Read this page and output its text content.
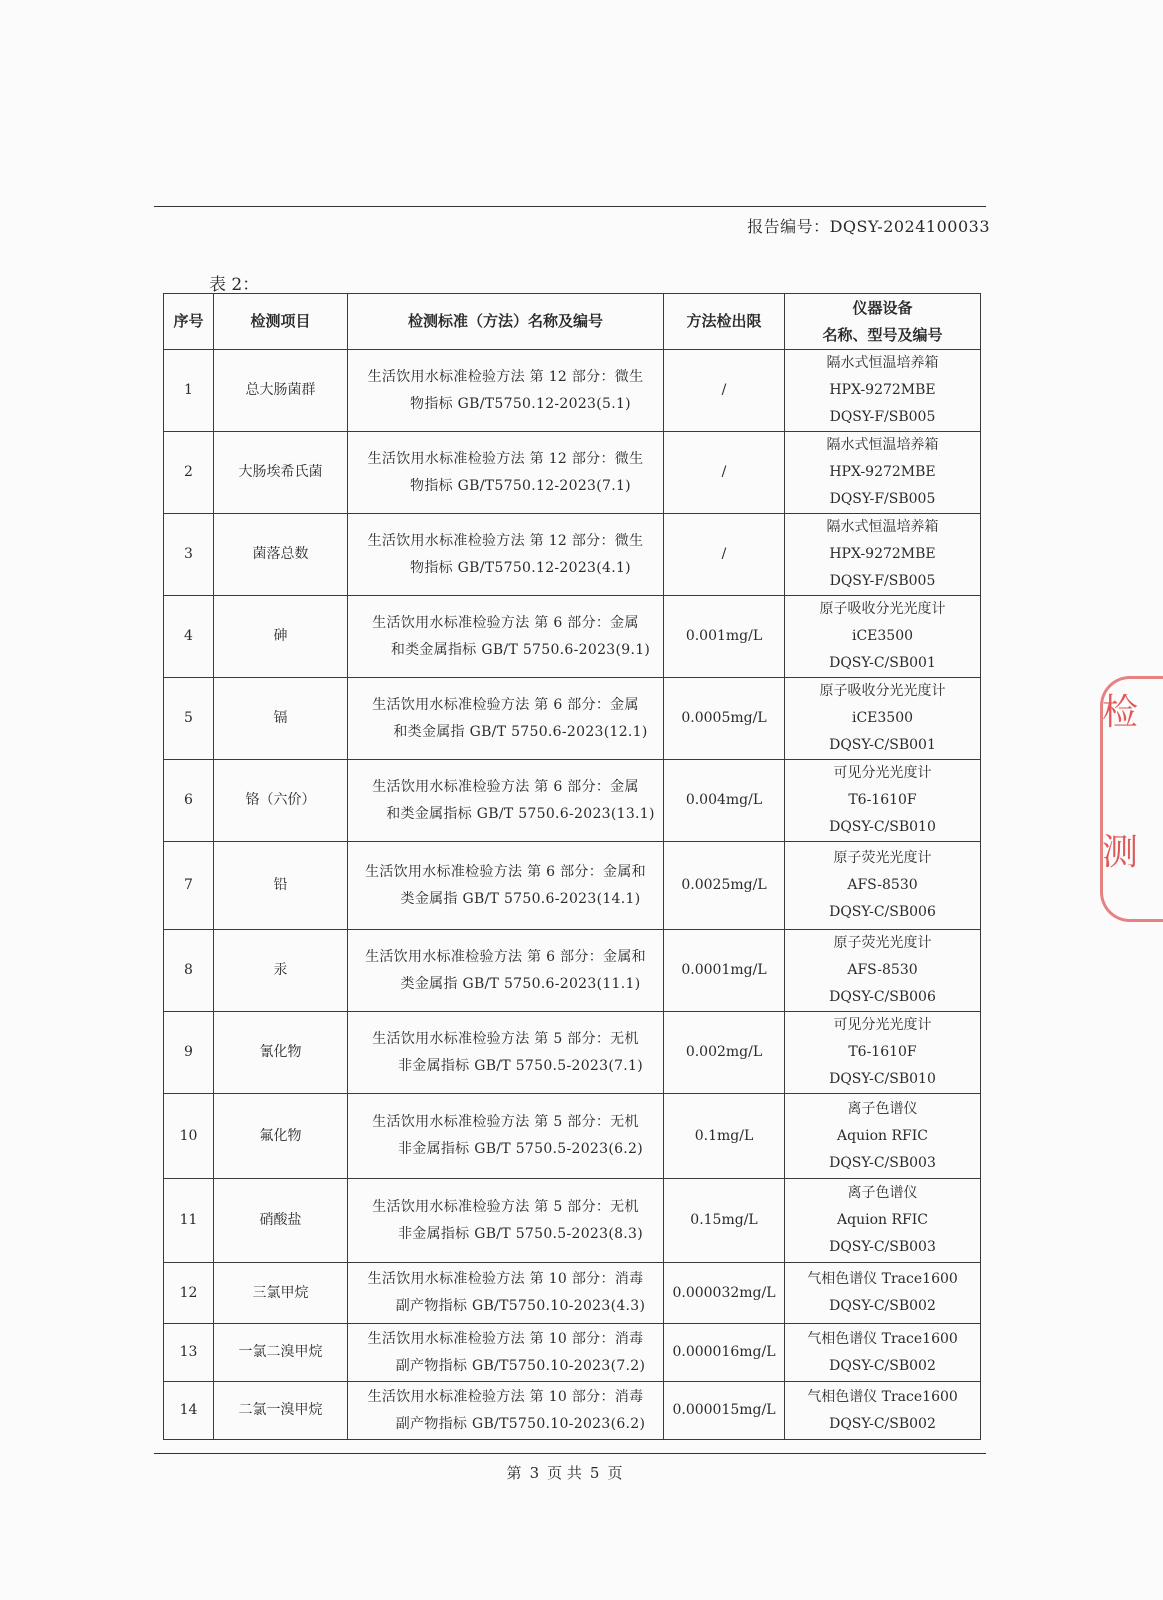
报告编号：DQSY-2024100033
表 2：
序号	检测项目	检测标准（方法）名称及编号	方法检出限	仪器设备
名称、型号及编号

1	总大肠菌群	生活饮用水标准检验方法 第 12 部分：微生
物指标 GB/T5750.12-2023(5.1)	/	隔水式恒温培养箱
HPX-9272MBE
DQSY-F/SB005

2	大肠埃希氏菌	生活饮用水标准检验方法 第 12 部分：微生
物指标 GB/T5750.12-2023(7.1)	/	隔水式恒温培养箱
HPX-9272MBE
DQSY-F/SB005

3	菌落总数	生活饮用水标准检验方法 第 12 部分：微生
物指标 GB/T5750.12-2023(4.1)	/	隔水式恒温培养箱
HPX-9272MBE
DQSY-F/SB005

4	砷	生活饮用水标准检验方法 第 6 部分：金属
和类金属指标 GB/T 5750.6-2023(9.1)	0.001mg/L	原子吸收分光光度计
iCE3500
DQSY-C/SB001

5	镉	生活饮用水标准检验方法 第 6 部分：金属
和类金属指 GB/T 5750.6-2023(12.1)	0.0005mg/L	原子吸收分光光度计
iCE3500
DQSY-C/SB001

6	铬（六价）	生活饮用水标准检验方法 第 6 部分：金属
和类金属指标 GB/T 5750.6-2023(13.1)	0.004mg/L	可见分光光度计
T6-1610F
DQSY-C/SB010

7	铅	生活饮用水标准检验方法 第 6 部分：金属和
类金属指 GB/T 5750.6-2023(14.1)	0.0025mg/L	原子荧光光度计
AFS-8530
DQSY-C/SB006

8	汞	生活饮用水标准检验方法 第 6 部分：金属和
类金属指 GB/T 5750.6-2023(11.1)	0.0001mg/L	原子荧光光度计
AFS-8530
DQSY-C/SB006

9	氰化物	生活饮用水标准检验方法 第 5 部分：无机
非金属指标 GB/T 5750.5-2023(7.1)	0.002mg/L	可见分光光度计
T6-1610F
DQSY-C/SB010

10	氟化物	生活饮用水标准检验方法 第 5 部分：无机
非金属指标 GB/T 5750.5-2023(6.2)	0.1mg/L	离子色谱仪
Aquion RFIC
DQSY-C/SB003

11	硝酸盐	生活饮用水标准检验方法 第 5 部分：无机
非金属指标 GB/T 5750.5-2023(8.3)	0.15mg/L	离子色谱仪
Aquion RFIC
DQSY-C/SB003

12	三氯甲烷	生活饮用水标准检验方法 第 10 部分：消毒
副产物指标 GB/T5750.10-2023(4.3)	0.000032mg/L	气相色谱仪 Trace1600
DQSY-C/SB002

13	一氯二溴甲烷	生活饮用水标准检验方法 第 10 部分：消毒
副产物指标 GB/T5750.10-2023(7.2)	0.000016mg/L	气相色谱仪 Trace1600
DQSY-C/SB002

14	二氯一溴甲烷	生活饮用水标准检验方法 第 10 部分：消毒
副产物指标 GB/T5750.10-2023(6.2)	0.000015mg/L	气相色谱仪 Trace1600
DQSY-C/SB002
第 3 页 共 5 页
检
测
